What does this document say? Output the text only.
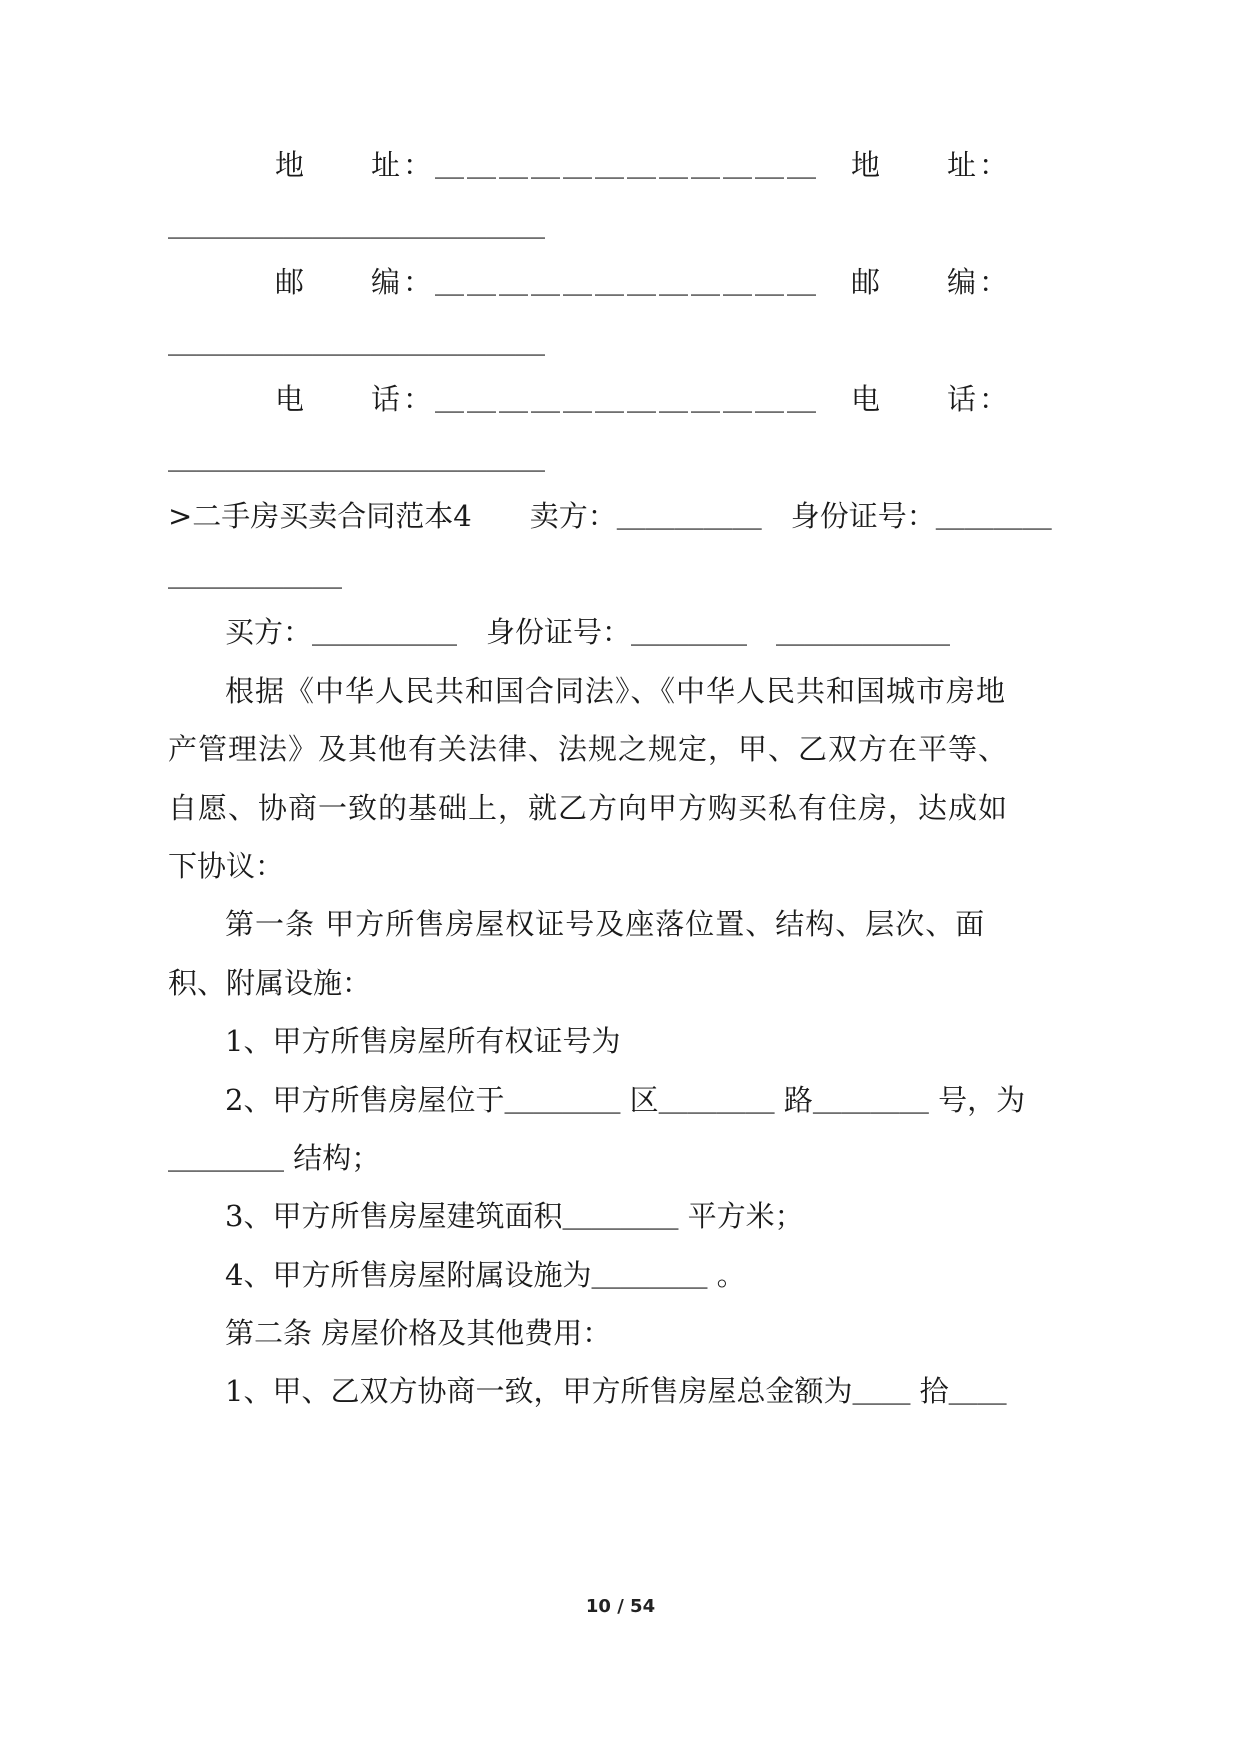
地　　址：＿＿＿＿＿＿＿＿＿＿＿＿　地　　址：
＿＿＿＿＿＿＿＿＿＿＿＿＿
邮　　编：＿＿＿＿＿＿＿＿＿＿＿＿　邮　　编：
＿＿＿＿＿＿＿＿＿＿＿＿＿
电　　话：＿＿＿＿＿＿＿＿＿＿＿＿　电　　话：
＿＿＿＿＿＿＿＿＿＿＿＿＿
>二手房买卖合同范本4　　卖方：＿＿＿＿＿　身份证号：＿＿＿＿
＿＿＿＿＿＿
买方：＿＿＿＿＿　身份证号：＿＿＿＿　＿＿＿＿＿＿
根据《中华人民共和国合同法》、《中华人民共和国城市房地
产管理法》及其他有关法律、法规之规定，甲、乙双方在平等、
自愿、协商一致的基础上，就乙方向甲方购买私有住房，达成如
下协议：
第一条 甲方所售房屋权证号及座落位置、结构、层次、面
积、附属设施：
1、甲方所售房屋所有权证号为
2、甲方所售房屋位于＿＿＿＿ 区＿＿＿＿ 路＿＿＿＿ 号，为
＿＿＿＿ 结构；
3、甲方所售房屋建筑面积＿＿＿＿ 平方米；
4、甲方所售房屋附属设施为＿＿＿＿ 。
第二条 房屋价格及其他费用：
1、甲、乙双方协商一致，甲方所售房屋总金额为＿＿ 拾＿＿
10 / 54
